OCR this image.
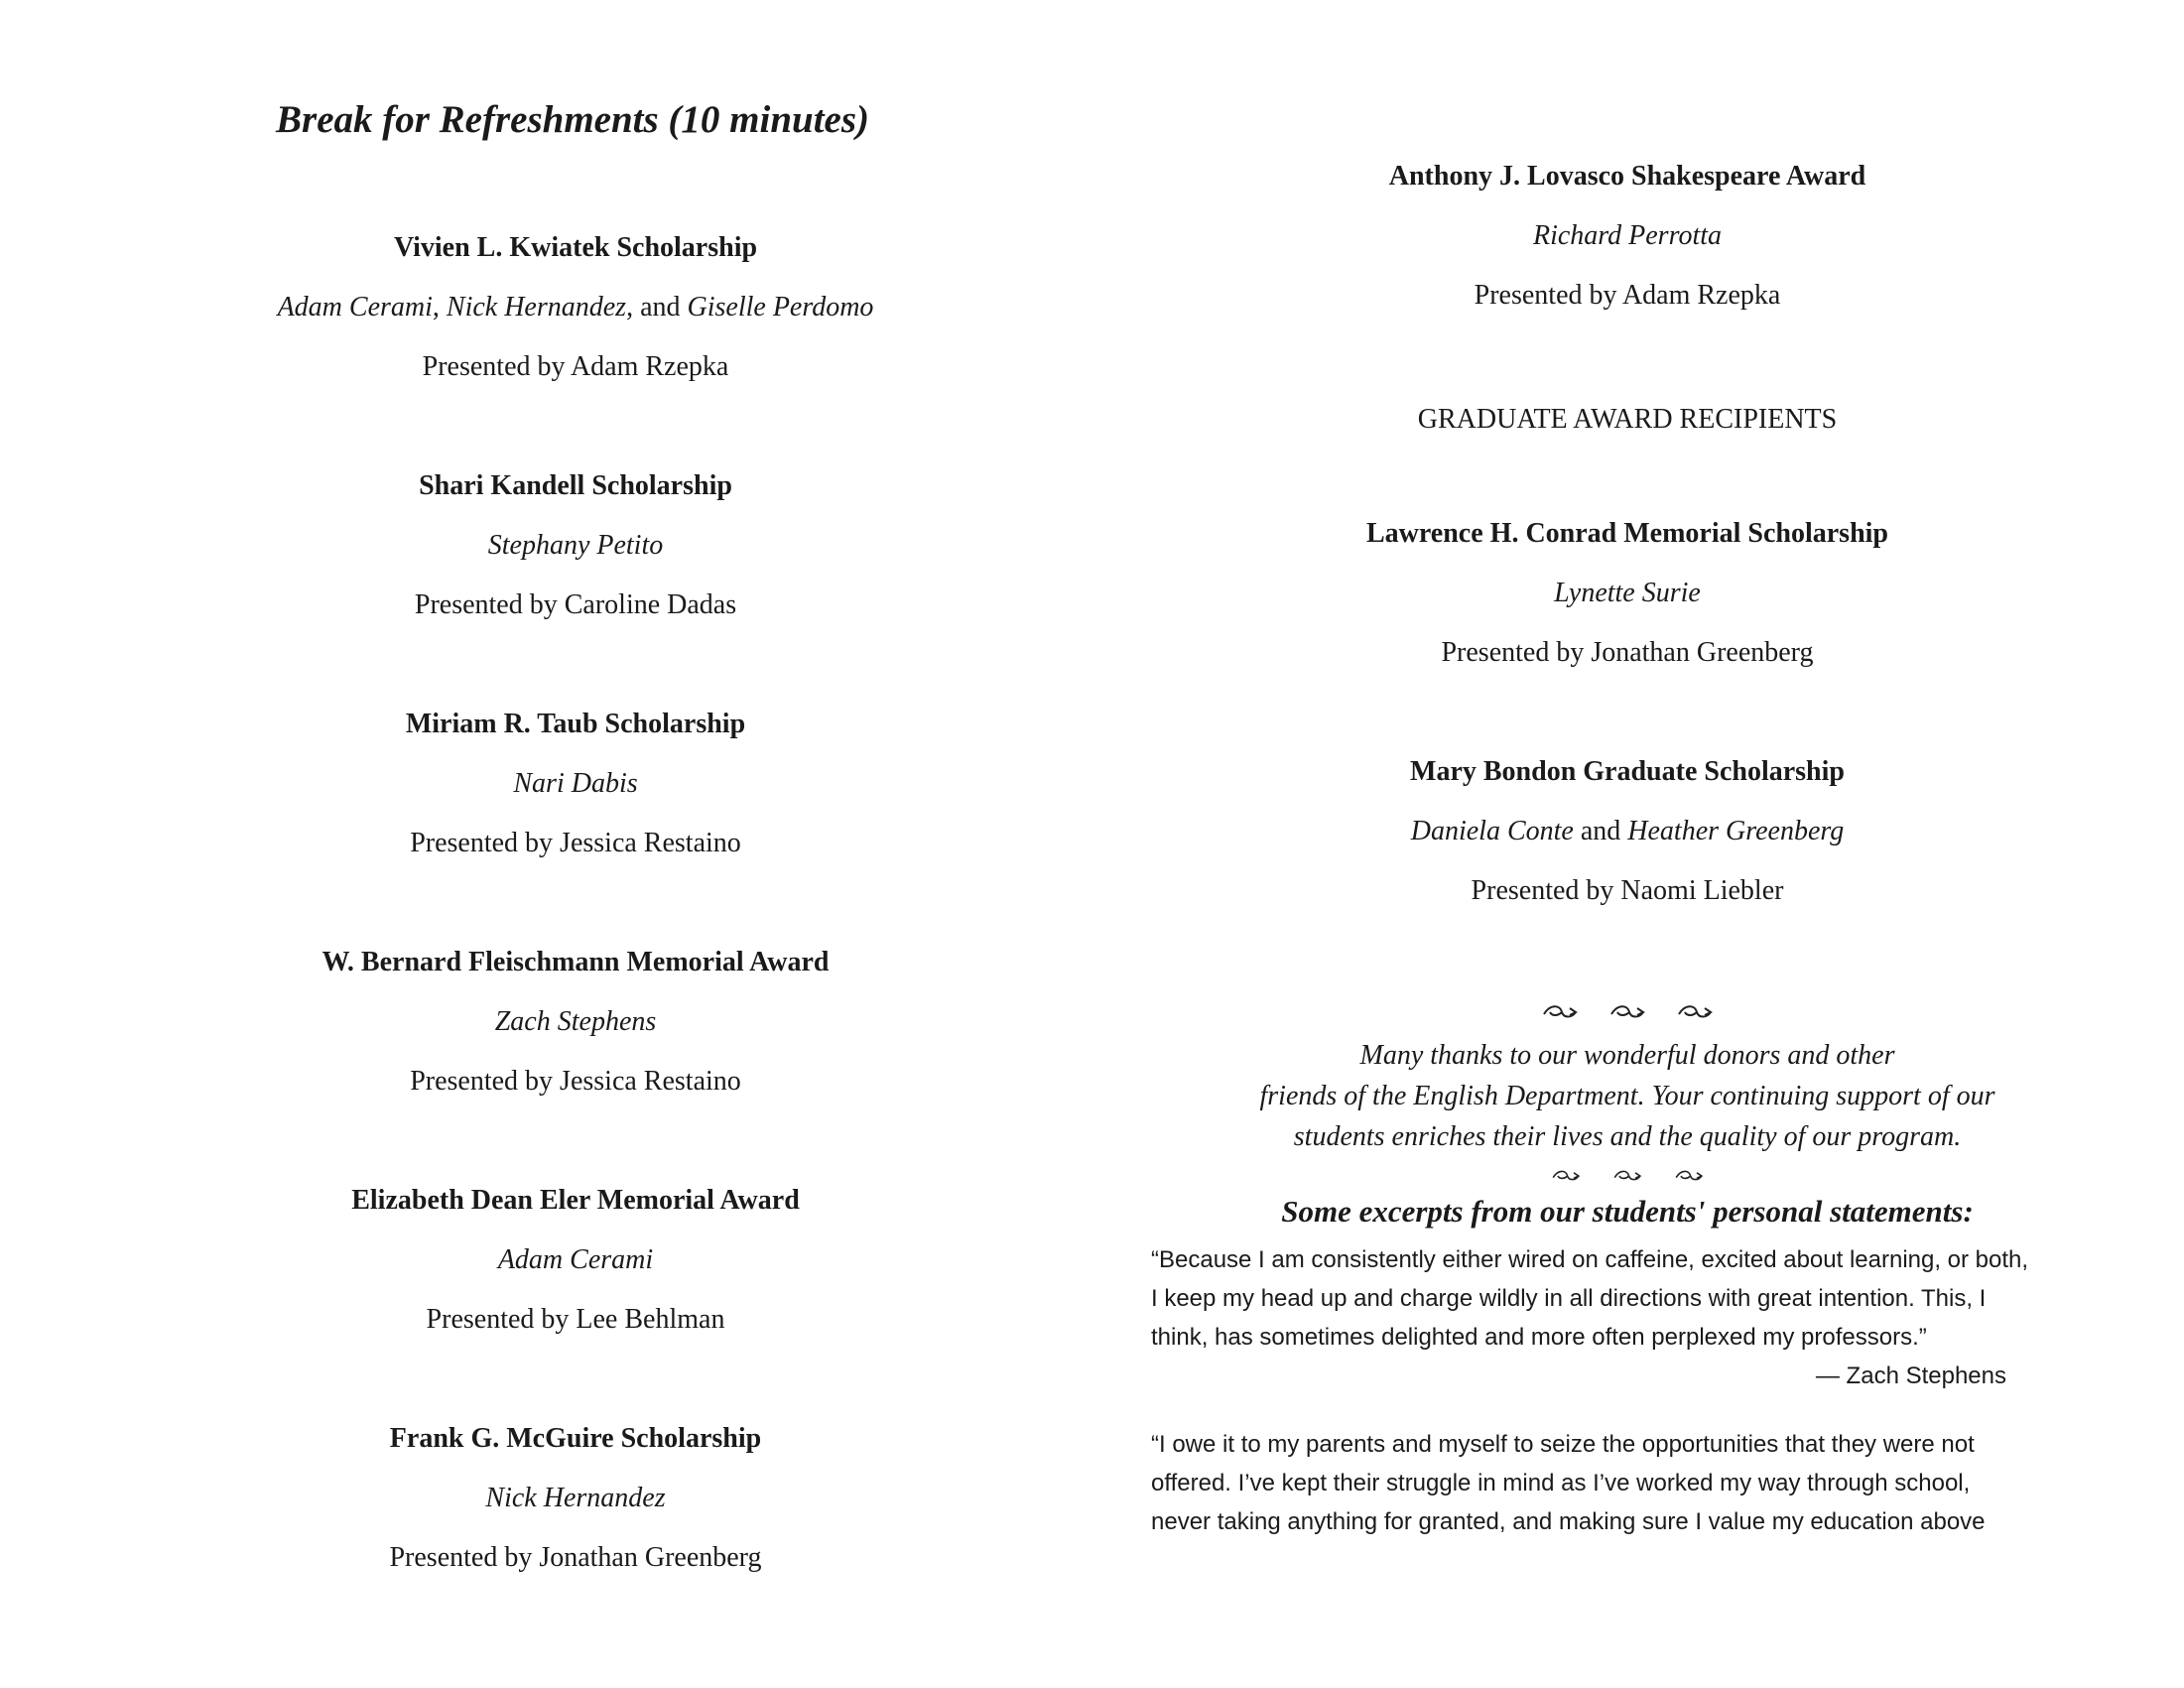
Break for Refreshments (10 minutes)
Vivien L. Kwiatek Scholarship
Adam Cerami, Nick Hernandez, and Giselle Perdomo
Presented by Adam Rzepka
Shari Kandell Scholarship
Stephany Petito
Presented by Caroline Dadas
Miriam R. Taub Scholarship
Nari Dabis
Presented by Jessica Restaino
W. Bernard Fleischmann Memorial Award
Zach Stephens
Presented by Jessica Restaino
Elizabeth Dean Eler Memorial Award
Adam Cerami
Presented by Lee Behlman
Frank G. McGuire Scholarship
Nick Hernandez
Presented by Jonathan Greenberg
Anthony J. Lovasco Shakespeare Award
Richard Perrotta
Presented by Adam Rzepka
GRADUATE AWARD RECIPIENTS
Lawrence H. Conrad Memorial Scholarship
Lynette Surie
Presented by Jonathan Greenberg
Mary Bondon Graduate Scholarship
Daniela Conte and Heather Greenberg
Presented by Naomi Liebler

Many thanks to our wonderful donors and other
friends of the English Department. Your continuing support of our
students enriches their lives and the quality of our program.

Some excerpts from our students' personal statements:
“Because I am consistently either wired on caffeine, excited about learning, or both,
I keep my head up and charge wildly in all directions with great intention. This, I
think, has sometimes delighted and more often perplexed my professors.”
— Zach Stephens
“I owe it to my parents and myself to seize the opportunities that they were not
offered. I’ve kept their struggle in mind as I’ve worked my way through school,
never taking anything for granted, and making sure I value my education above
